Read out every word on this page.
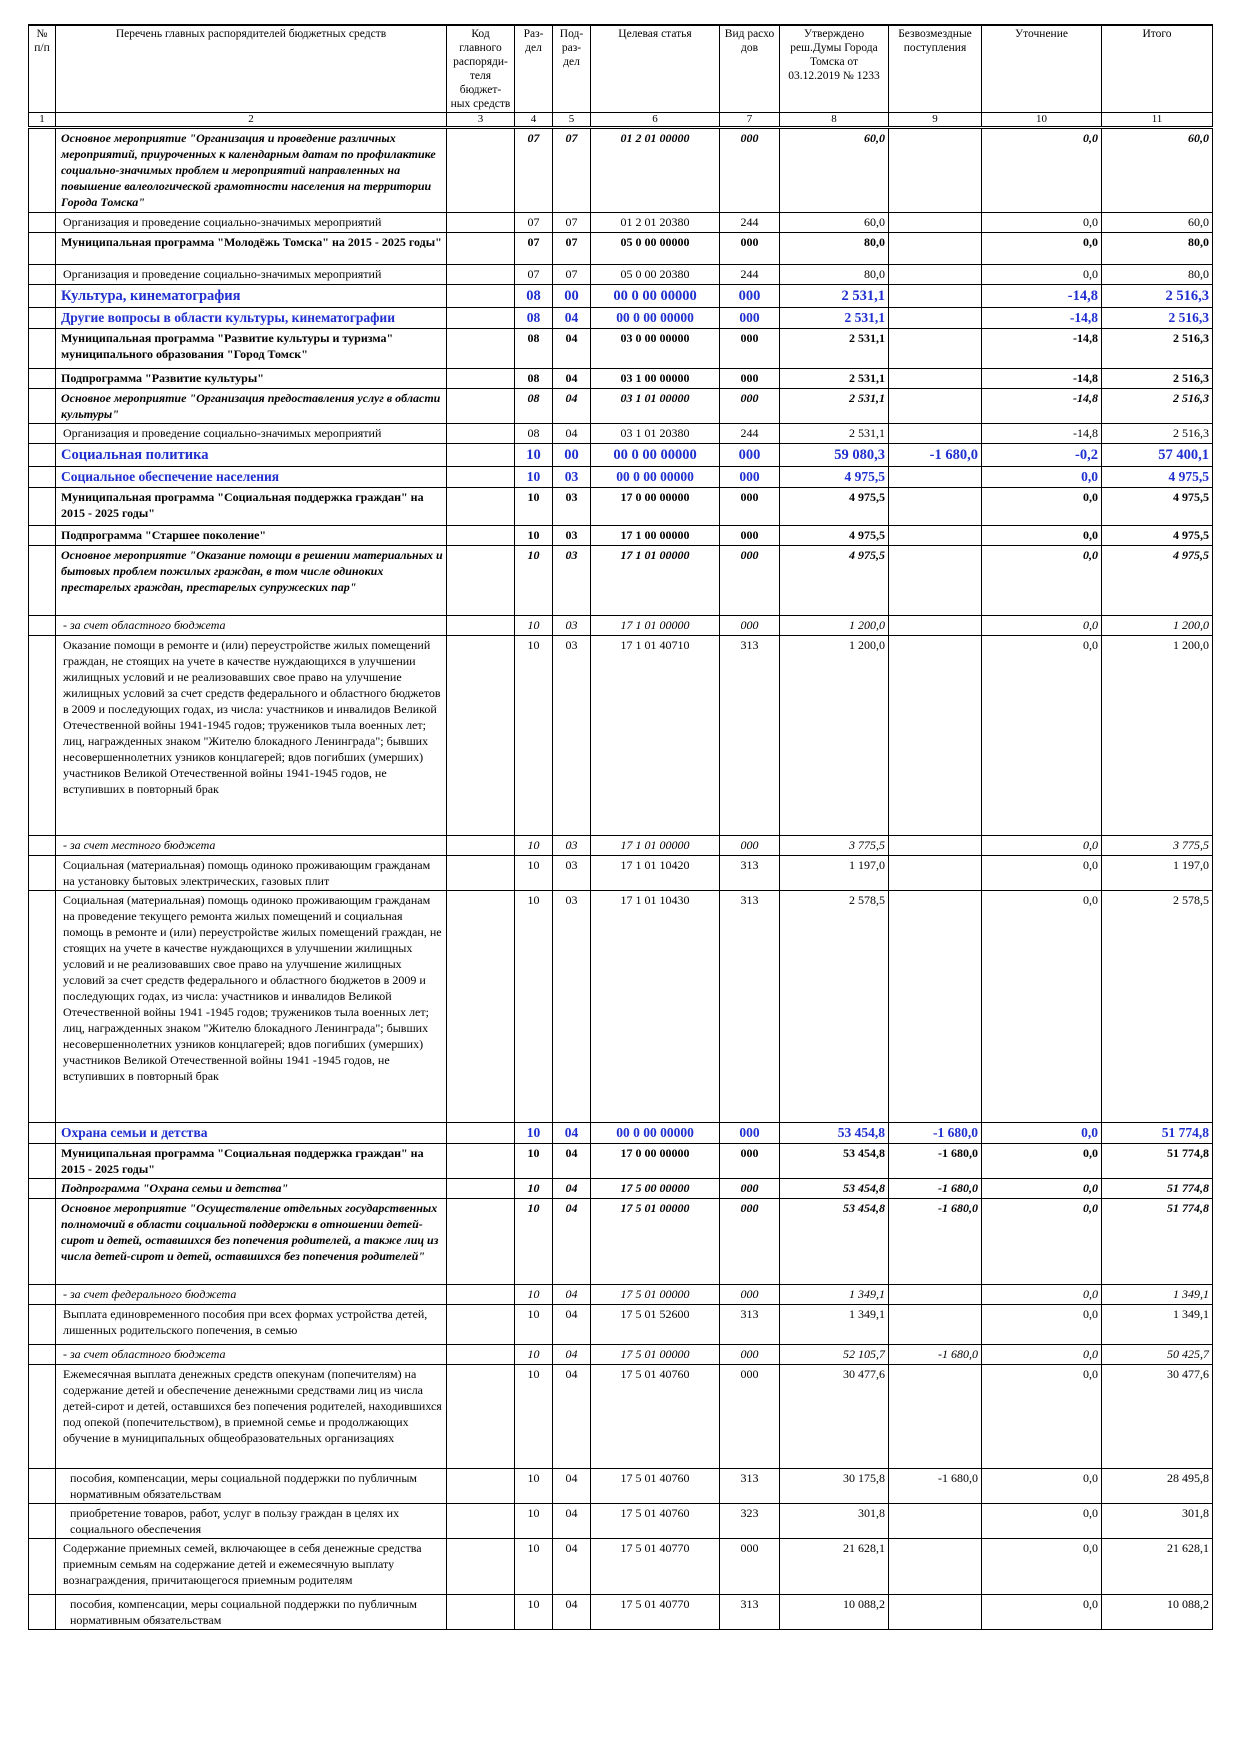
№ п/п	Перечень главных распорядителей бюджетных средств	Код главного распоряди-теля бюджет-ных средств	Раз-дел	Под-раз-дел	Целевая статья	Вид расхо дов	Утверждено реш.Думы Города Томска от 03.12.2019 № 1233	Безвозмездные поступления	Уточнение	Итого
1	2	3	4	5	6	7	8	9	10	11
	Основное мероприятие "Организация и проведение различных мероприятий, приуроченных к календарным датам по профилактике социально-значимых проблем и мероприятий направленных на повышение валеологической грамотности населения на территории Города Томска"		07	07	01 2 01 00000	000	60,0		0,0	60,0
	Организация и проведение социально-значимых мероприятий		07	07	01 2 01 20380	244	60,0		0,0	60,0
	Муниципальная программа "Молодёжь Томска" на 2015 - 2025 годы"		07	07	05 0 00 00000	000	80,0		0,0	80,0
	Организация и проведение социально-значимых мероприятий		07	07	05 0 00 20380	244	80,0		0,0	80,0
	Культура, кинематография		08	00	00 0 00 00000	000	2 531,1		-14,8	2 516,3
	Другие вопросы в области культуры, кинематографии		08	04	00 0 00 00000	000	2 531,1		-14,8	2 516,3
	Муниципальная программа "Развитие культуры и туризма" муниципального образования "Город Томск"		08	04	03 0 00 00000	000	2 531,1		-14,8	2 516,3
	Подпрограмма "Развитие культуры"		08	04	03 1 00 00000	000	2 531,1		-14,8	2 516,3
	Основное мероприятие "Организация предоставления услуг в области культуры"		08	04	03 1 01 00000	000	2 531,1		-14,8	2 516,3
	Организация и проведение социально-значимых мероприятий		08	04	03 1 01 20380	244	2 531,1		-14,8	2 516,3
	Социальная политика		10	00	00 0 00 00000	000	59 080,3	-1 680,0	-0,2	57 400,1
	Социальное обеспечение населения		10	03	00 0 00 00000	000	4 975,5		0,0	4 975,5
	Муниципальная программа "Социальная поддержка граждан" на 2015 - 2025 годы"		10	03	17 0 00 00000	000	4 975,5		0,0	4 975,5
	Подпрограмма "Старшее поколение"		10	03	17 1 00 00000	000	4 975,5		0,0	4 975,5
	Основное мероприятие "Оказание помощи в решении материальных и бытовых проблем пожилых граждан, в том числе одиноких престарелых граждан, престарелых супружеских пар"		10	03	17 1 01 00000	000	4 975,5		0,0	4 975,5
	- за счет областного бюджета		10	03	17 1 01 00000	000	1 200,0		0,0	1 200,0
	Оказание помощи в ремонте и (или) переустройстве жилых помещений граждан, не стоящих на учете в качестве нуждающихся в улучшении жилищных условий и не реализовавших свое право на улучшение жилищных условий за счет средств федерального и областного бюджетов в 2009 и последующих годах, из числа: участников и инвалидов Великой Отечественной войны 1941-1945 годов; тружеников тыла военных лет; лиц, награжденных знаком "Жителю блокадного Ленинграда"; бывших несовершеннолетних узников концлагерей; вдов погибших (умерших) участников Великой Отечественной войны 1941-1945 годов, не вступивших в повторный брак		10	03	17 1 01 40710	313	1 200,0		0,0	1 200,0
	- за счет местного бюджета		10	03	17 1 01 00000	000	3 775,5		0,0	3 775,5
	Социальная (материальная) помощь одиноко проживающим гражданам на установку бытовых электрических, газовых плит		10	03	17 1 01 10420	313	1 197,0		0,0	1 197,0
	Социальная (материальная) помощь одиноко проживающим гражданам на проведение текущего ремонта жилых помещений и социальная помощь в ремонте и (или) переустройстве жилых помещений граждан, не стоящих на учете в качестве нуждающихся в улучшении жилищных условий и не реализовавших свое право на улучшение жилищных условий за счет средств федерального и областного бюджетов в 2009 и последующих годах, из числа: участников и инвалидов Великой Отечественной войны 1941 -1945 годов; тружеников тыла военных лет; лиц, награжденных знаком "Жителю блокадного Ленинграда"; бывших несовершеннолетних узников концлагерей; вдов погибших (умерших) участников Великой Отечественной войны 1941 -1945 годов, не вступивших в повторный брак		10	03	17 1 01 10430	313	2 578,5		0,0	2 578,5
	Охрана семьи и детства		10	04	00 0 00 00000	000	53 454,8	-1 680,0	0,0	51 774,8
	Муниципальная программа "Социальная поддержка граждан" на 2015 - 2025 годы"		10	04	17 0 00 00000	000	53 454,8	-1 680,0	0,0	51 774,8
	Подпрограмма "Охрана семьи и детства"		10	04	17 5 00 00000	000	53 454,8	-1 680,0	0,0	51 774,8
	Основное мероприятие "Осуществление отдельных государственных полномочий в области социальной поддержки в отношении детей-сирот и детей, оставшихся без попечения родителей, а также лиц из числа детей-сирот и детей, оставшихся без попечения родителей"		10	04	17 5 01 00000	000	53 454,8	-1 680,0	0,0	51 774,8
	- за счет федерального бюджета		10	04	17 5 01 00000	000	1 349,1		0,0	1 349,1
	Выплата единовременного пособия при всех формах устройства детей, лишенных родительского попечения, в семью		10	04	17 5 01 52600	313	1 349,1		0,0	1 349,1
	- за счет областного бюджета		10	04	17 5 01 00000	000	52 105,7	-1 680,0	0,0	50 425,7
	Ежемесячная выплата денежных средств опекунам (попечителям) на содержание детей и обеспечение денежными средствами лиц из числа детей-сирот и детей, оставшихся без попечения родителей, находившихся под опекой (попечительством), в приемной семье и продолжающих обучение в муниципальных общеобразовательных организациях		10	04	17 5 01 40760	000	30 477,6		0,0	30 477,6
	пособия, компенсации, меры социальной поддержки по публичным нормативным обязательствам		10	04	17 5 01 40760	313	30 175,8	-1 680,0	0,0	28 495,8
	приобретение товаров, работ, услуг в пользу граждан в целях их социального обеспечения		10	04	17 5 01 40760	323	301,8		0,0	301,8
	Содержание приемных семей, включающее в себя денежные средства приемным семьям на содержание детей и ежемесячную выплату вознаграждения, причитающегося приемным родителям		10	04	17 5 01 40770	000	21 628,1		0,0	21 628,1
	пособия, компенсации, меры социальной поддержки по публичным нормативным обязательствам		10	04	17 5 01 40770	313	10 088,2		0,0	10 088,2
